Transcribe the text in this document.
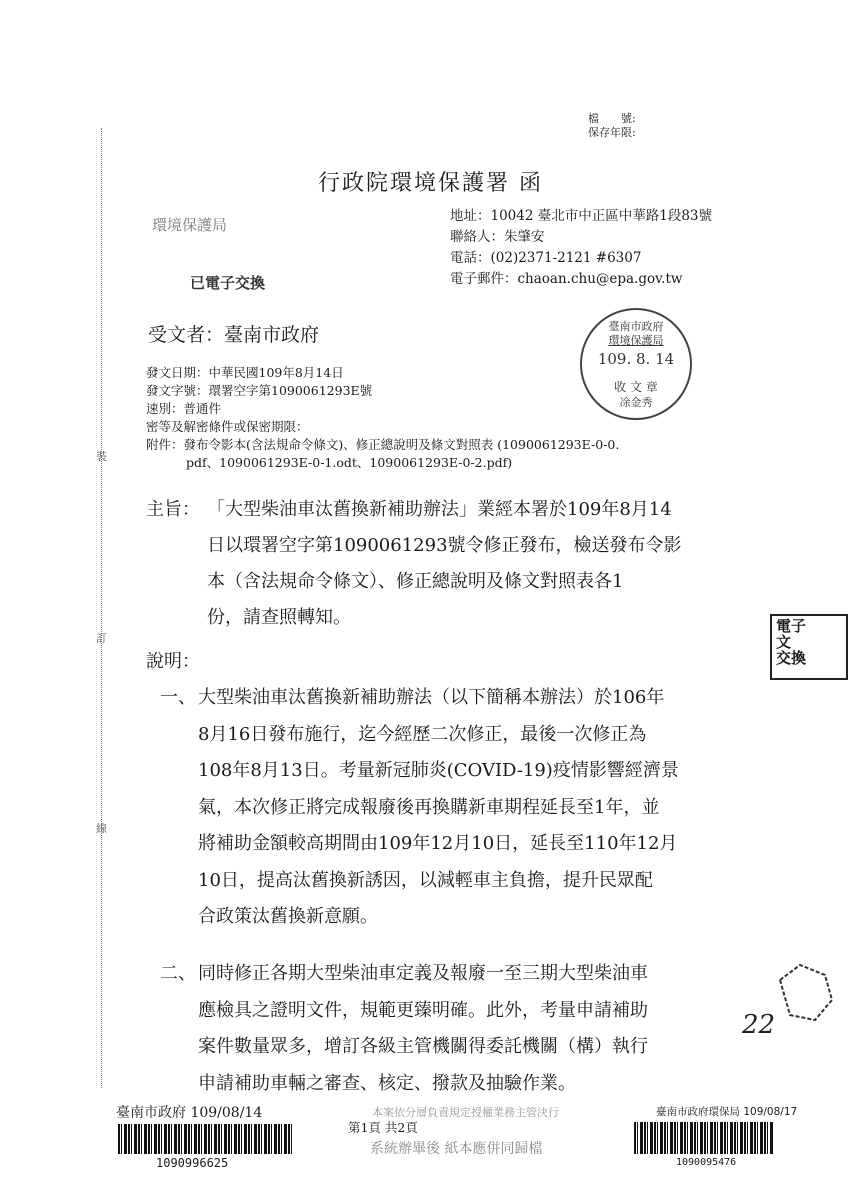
裝
訂
線
檔　　號:
保存年限:
行政院環境保護署 函
環境保護局
已電子交換
地址：10042 臺北市中正區中華路1段83號
聯絡人：朱肇安
電話：(02)2371-2121 #6307
電子郵件：chaoan.chu@epa.gov.tw
臺南市政府
環境保護局
109. 8. 14
收 文 章
凃金秀
受文者：臺南市政府
發文日期：中華民國109年8月14日
發文字號：環署空字第1090061293E號
速別：普通件
密等及解密條件或保密期限：
附件：發布令影本(含法規命令條文)、修正總說明及條文對照表 (1090061293E-0-0.
pdf、1090061293E-0-1.odt、1090061293E-0-2.pdf)
主旨： 「大型柴油車汰舊換新補助辦法」業經本署於109年8月14
日以環署空字第1090061293號令修正發布，檢送發布令影
本（含法規命令條文）、修正總說明及條文對照表各1
份，請查照轉知。
說明：
一、 大型柴油車汰舊換新補助辦法（以下簡稱本辦法）於106年
8月16日發布施行，迄今經歷二次修正，最後一次修正為
108年8月13日。考量新冠肺炎(COVID-19)疫情影響經濟景
氣，本次修正將完成報廢後再換購新車期程延長至1年，並
將補助金額較高期間由109年12月10日，延長至110年12月
10日，提高汰舊換新誘因，以減輕車主負擔，提升民眾配
合政策汰舊換新意願。
二、 同時修正各期大型柴油車定義及報廢一至三期大型柴油車
應檢具之證明文件，規範更臻明確。此外，考量申請補助
案件數量眾多，增訂各級主管機關得委託機關（構）執行
申請補助車輛之審查、核定、撥款及抽驗作業。
電子
文
交換
22
臺南市政府 109/08/14
1090996625
第1頁 共2頁
本案依分層負責規定授權業務主管決行
系統辦畢後 紙本應併同歸檔
臺南市政府環保局 109/08/17
1090095476
